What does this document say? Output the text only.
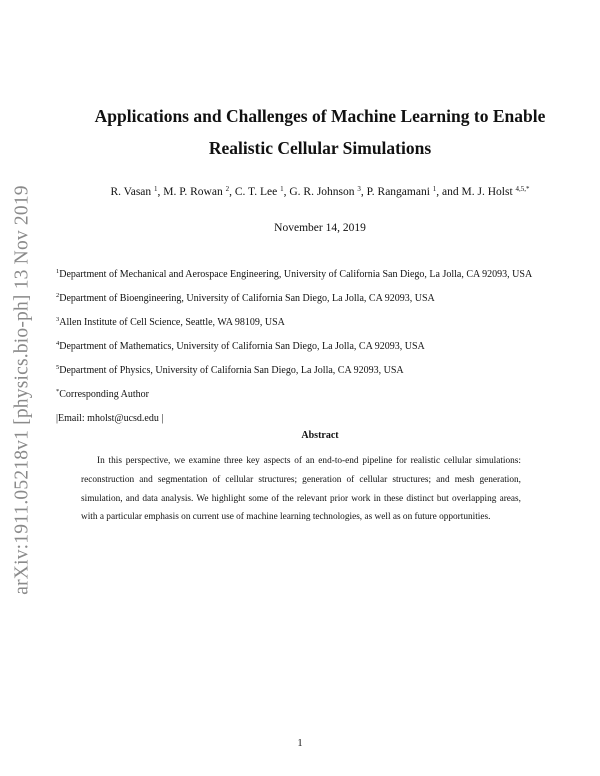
arXiv:1911.05218v1 [physics.bio-ph] 13 Nov 2019
Applications and Challenges of Machine Learning to Enable
Realistic Cellular Simulations
R. Vasan $^1$, M. P. Rowan $^2$, C. T. Lee $^1$, G. R. Johnson $^3$, P. Rangamani $^1$, and M. J. Holst $^{4,5,*}$
November 14, 2019
$^1$Department of Mechanical and Aerospace Engineering, University of California San Diego, La Jolla, CA 92093, USA
$^2$Department of Bioengineering, University of California San Diego, La Jolla, CA 92093, USA
$^3$Allen Institute of Cell Science, Seattle, WA 98109, USA
$^4$Department of Mathematics, University of California San Diego, La Jolla, CA 92093, USA
$^5$Department of Physics, University of California San Diego, La Jolla, CA 92093, USA
*Corresponding Author
|Email: mholst@ucsd.edu |
Abstract
In this perspective, we examine three key aspects of an end-to-end pipeline for realistic cellular simulations: reconstruction and segmentation of cellular structures; generation of cellular structures; and mesh generation, simulation, and data analysis. We highlight some of the relevant prior work in these distinct but overlapping areas, with a particular emphasis on current use of machine learning technologies, as well as on future opportunities.
1
